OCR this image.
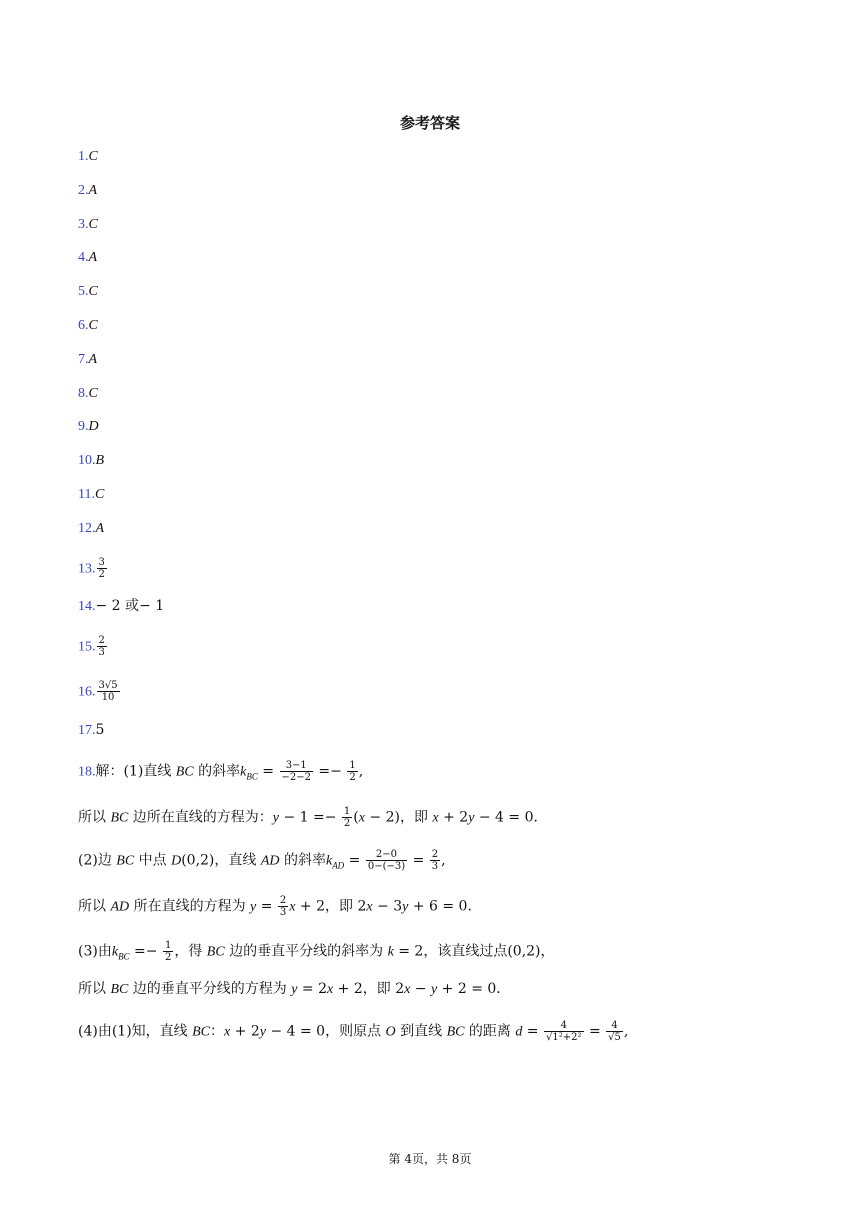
参考答案
1.C
2.A
3.C
4.A
5.C
6.C
7.A
8.C
9.D
10.B
11.C
12.A
13. $\frac{3}{2}$
14.− 2 或− 1
15. $\frac{2}{3}$
16. $\frac{3√5}{10}$
17.5
18.解：(1)直线 BC 的斜率$k_{BC} = \frac{3-1}{-2-2} =- \frac{1}{2}$ ,
所以 BC 边所在直线的方程为：$y - 1 =- \frac{1}{2} (x - 2)$，即 x + 2y − 4 = 0．
(2)边 BC 中点 D(0,2)，直线 AD 的斜率$k_{AD} = \frac{2-0}{0-(-3)} = \frac{2}{3}$ ,
所以 AD 所在直线的方程为 $y = \frac{2}{3}$ x + 2，即 2x − 3y + 6 = 0．
(3)由$k_{BC} =- \frac{1}{2}$ ，得 BC 边的垂直平分线的斜率为 k = 2，该直线过点(0,2)，
所以 BC 边的垂直平分线的方程为 y = 2x + 2，即 2x − y + 2 = 0．
(4)由(1)知，直线 BC：x + 2y − 4 = 0，则原点 O 到直线 BC 的距离 $d = \frac{4}{\text{√1²+2²}} = \frac{4}{√5}$ ,
第 4页，共 8页
